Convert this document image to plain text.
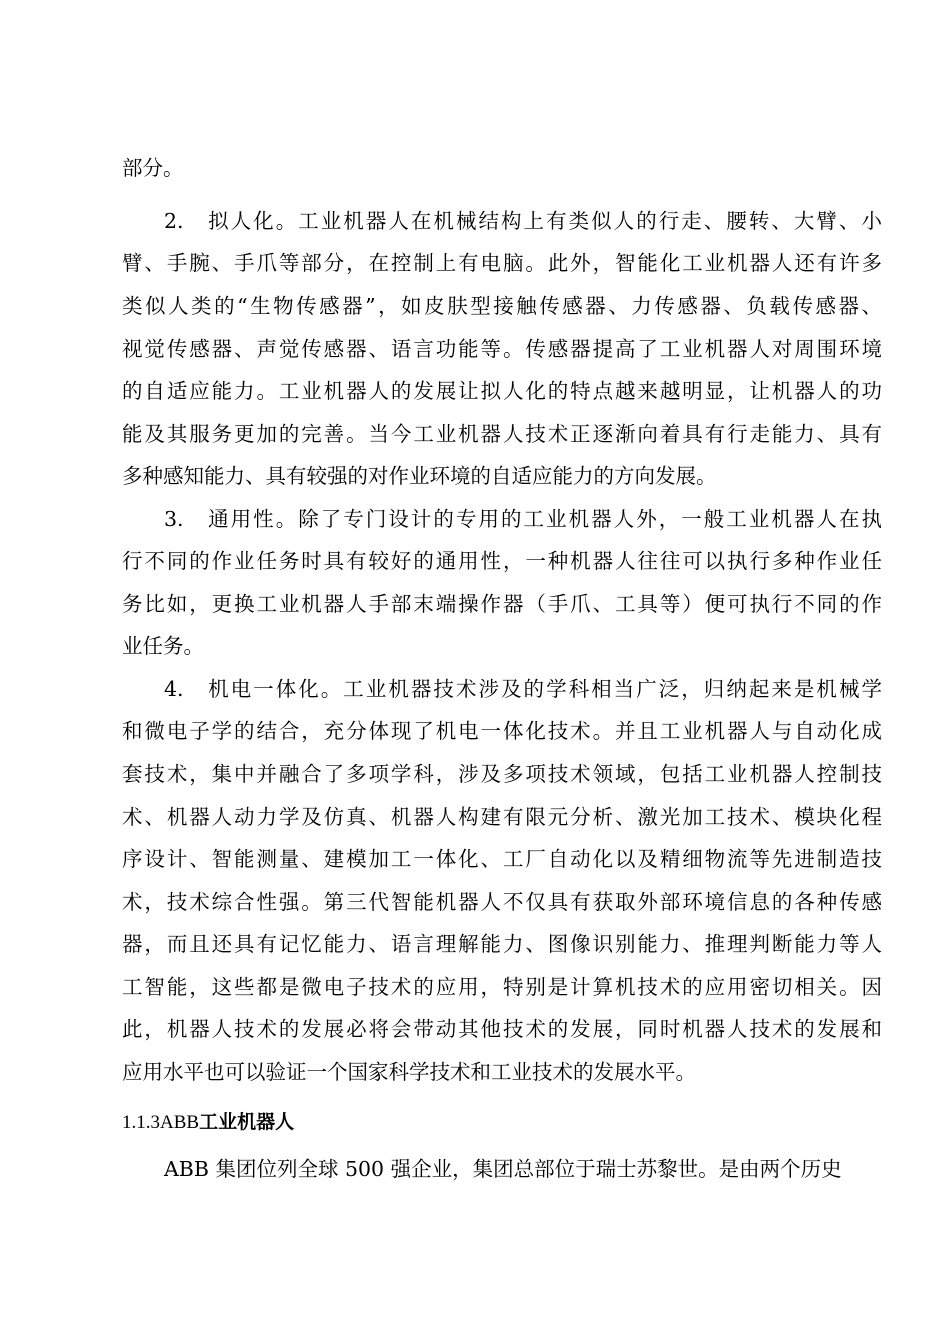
部分。
2.　拟人化。工业机器人在机械结构上有类似人的行走、腰转、大臂、小
臂、手腕、手爪等部分，在控制上有电脑。此外，智能化工业机器人还有许多
类似人类的“生物传感器”，如皮肤型接触传感器、力传感器、负载传感器、
视觉传感器、声觉传感器、语言功能等。传感器提高了工业机器人对周围环境
的自适应能力。工业机器人的发展让拟人化的特点越来越明显，让机器人的功
能及其服务更加的完善。当今工业机器人技术正逐渐向着具有行走能力、具有
多种感知能力、具有较强的对作业环境的自适应能力的方向发展。
3.　通用性。除了专门设计的专用的工业机器人外，一般工业机器人在执
行不同的作业任务时具有较好的通用性，一种机器人往往可以执行多种作业任
务比如，更换工业机器人手部末端操作器（手爪、工具等）便可执行不同的作
业任务。
4.　机电一体化。工业机器技术涉及的学科相当广泛，归纳起来是机械学
和微电子学的结合，充分体现了机电一体化技术。并且工业机器人与自动化成
套技术，集中并融合了多项学科，涉及多项技术领域，包括工业机器人控制技
术、机器人动力学及仿真、机器人构建有限元分析、激光加工技术、模块化程
序设计、智能测量、建模加工一体化、工厂自动化以及精细物流等先进制造技
术，技术综合性强。第三代智能机器人不仅具有获取外部环境信息的各种传感
器，而且还具有记忆能力、语言理解能力、图像识别能力、推理判断能力等人
工智能，这些都是微电子技术的应用，特别是计算机技术的应用密切相关。因
此，机器人技术的发展必将会带动其他技术的发展，同时机器人技术的发展和
应用水平也可以验证一个国家科学技术和工业技术的发展水平。
1.1.3ABB工业机器人
ABB 集团位列全球 500 强企业，集团总部位于瑞士苏黎世。是由两个历史
